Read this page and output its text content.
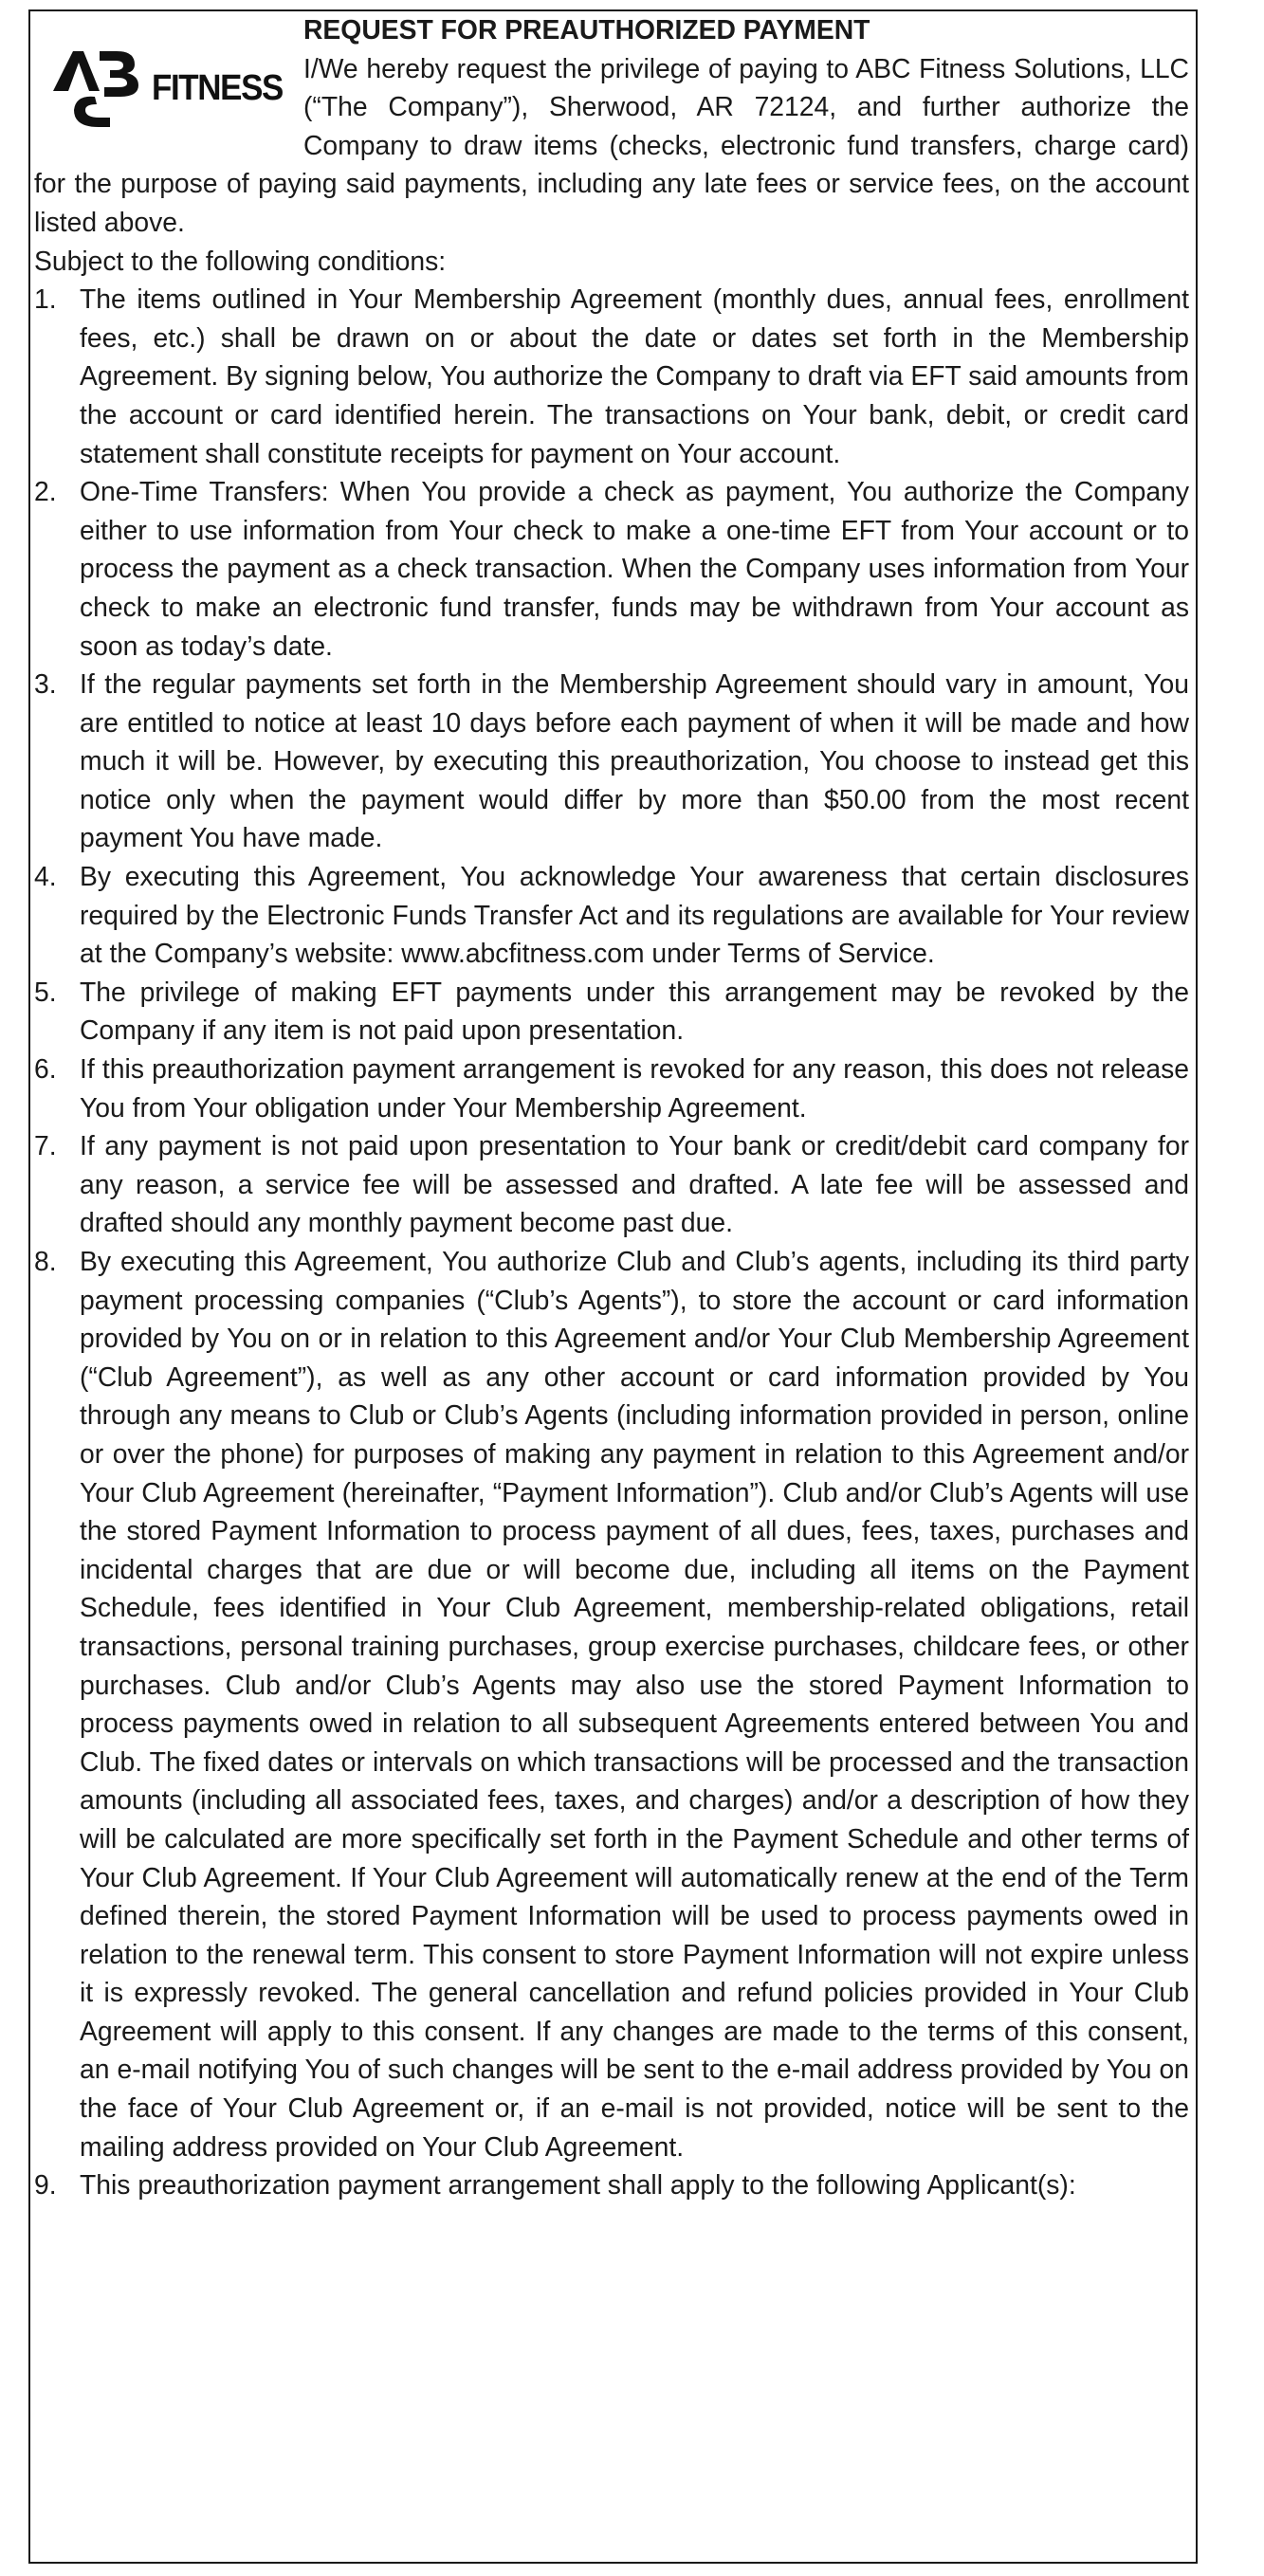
FITNESS
REQUEST FOR PREAUTHORIZED PAYMENT

I/We hereby request the privilege of paying to ABC Fitness Solutions, LLC (“The Company”), Sherwood, AR 72124, and further authorize the Company to draw items (checks, electronic fund transfers, charge card) for the purpose of paying said payments, including any late fees or service fees, on the account listed above.

Subject to the following conditions:

1. The items outlined in Your Membership Agreement (monthly dues, annual fees, enrollment fees, etc.) shall be drawn on or about the date or dates set forth in the Membership Agreement. By signing below, You authorize the Company to draft via EFT said amounts from the account or card identified herein. The transactions on Your bank, debit, or credit card statement shall constitute receipts for payment on Your account.
2. One-Time Transfers: When You provide a check as payment, You authorize the Company either to use information from Your check to make a one-time EFT from Your account or to process the payment as a check transaction. When the Company uses information from Your check to make an electronic fund transfer, funds may be withdrawn from Your account as soon as today’s date.
3. If the regular payments set forth in the Membership Agreement should vary in amount, You are entitled to notice at least 10 days before each payment of when it will be made and how much it will be. However, by executing this preauthorization, You choose to instead get this notice only when the payment would differ by more than $50.00 from the most recent payment You have made.
4. By executing this Agreement, You acknowledge Your awareness that certain disclosures required by the Electronic Funds Transfer Act and its regulations are available for Your review at the Company’s website: www.abcfitness.com under Terms of Service.
5. The privilege of making EFT payments under this arrangement may be revoked by the Company if any item is not paid upon presentation.
6. If this preauthorization payment arrangement is revoked for any reason, this does not release You from Your obligation under Your Membership Agreement.
7. If any payment is not paid upon presentation to Your bank or credit/debit card company for any reason, a service fee will be assessed and drafted. A late fee will be assessed and drafted should any monthly payment become past due.
8. By executing this Agreement, You authorize Club and Club’s agents, including its third party payment processing companies (“Club’s Agents”), to store the account or card information provided by You on or in relation to this Agreement and/or Your Club Membership Agreement (“Club Agreement”), as well as any other account or card information provided by You through any means to Club or Club’s Agents (including information provided in person, online or over the phone) for purposes of making any payment in relation to this Agreement and/or Your Club Agreement (hereinafter, “Payment Information”). Club and/or Club’s Agents will use the stored Payment Information to process payment of all dues, fees, taxes, purchases and incidental charges that are due or will become due, including all items on the Payment Schedule, fees identified in Your Club Agreement, membership-related obligations, retail transactions, personal training purchases, group exercise purchases, childcare fees, or other purchases. Club and/or Club’s Agents may also use the stored Payment Information to process payments owed in relation to all subsequent Agreements entered between You and Club. The fixed dates or intervals on which transactions will be processed and the transaction amounts (including all associated fees, taxes, and charges) and/or a description of how they will be calculated are more specifically set forth in the Payment Schedule and other terms of Your Club Agreement. If Your Club Agreement will automatically renew at the end of the Term defined therein, the stored Payment Information will be used to process payments owed in relation to the renewal term. This consent to store Payment Information will not expire unless it is expressly revoked. The general cancellation and refund policies provided in Your Club Agreement will apply to this consent. If any changes are made to the terms of this consent, an e-mail notifying You of such changes will be sent to the e-mail address provided by You on the face of Your Club Agreement or, if an e-mail is not provided, notice will be sent to the mailing address provided on Your Club Agreement.
9. This preauthorization payment arrangement shall apply to the following Applicant(s):
